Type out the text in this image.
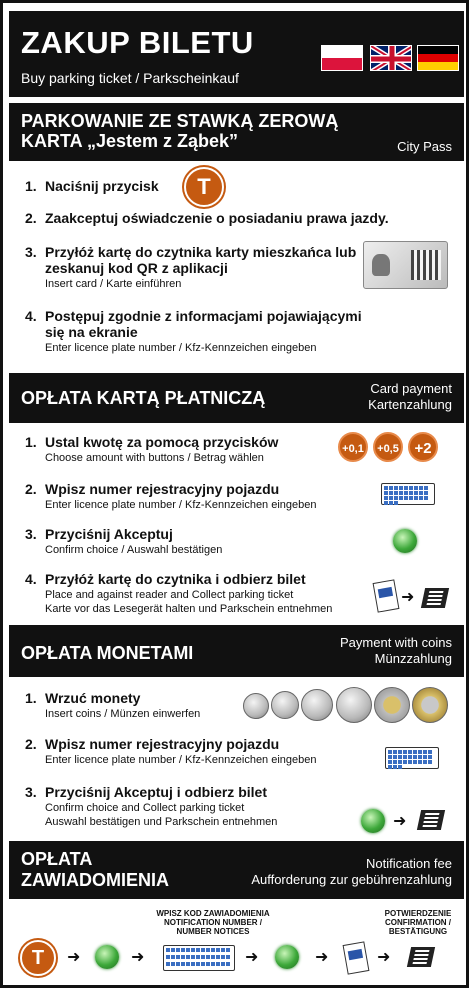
ZAKUP BILETU
Buy parking ticket / Parkscheinkauf
PARKOWANIE ZE STAWKĄ ZEROWĄ
KARTA „Jestem z Ząbek”	City Pass
1. Naciśnij przycisk	T
2. Zaakceptuj oświadczenie o posiadaniu prawa jazdy.
3. Przyłóż kartę do czytnika karty mieszkańca lub zeskanuj kod QR z aplikacji
Insert card / Karte einführen
4. Postępuj zgodnie z informacjami pojawiającymi się na ekranie
Enter licence plate number / Kfz-Kennzeichen eingeben
OPŁATA KARTĄ PŁATNICZĄ	Card payment
Kartenzahlung
1. Ustal kwotę za pomocą przycisków
Choose amount with buttons / Betrag wählen
+0,1	+0,5	+2
2. Wpisz numer rejestracyjny pojazdu
Enter licence plate number / Kfz-Kennzeichen eingeben
3. Przyciśnij Akceptuj
Confirm choice / Auswahl bestätigen
4. Przyłóż kartę do czytnika i odbierz bilet
Place and against reader and Collect parking ticket
Karte vor das Lesegerät halten und Parkschein entnehmen
➜
OPŁATA MONETAMI
Payment with coins
Münzzahlung
1. Wrzuć monety
Insert coins / Münzen einwerfen
2. Wpisz numer rejestracyjny pojazdu
Enter licence plate number / Kfz-Kennzeichen eingeben
3. Przyciśnij Akceptuj i odbierz bilet
Confirm choice and Collect parking ticket
Auswahl bestätigen und Parkschein entnehmen	➜
OPŁATA
ZAWIADOMIENIA
Notification fee
Aufforderung zur gebührenzahlung
WPISZ KOD ZAWIADOMIENIA
NOTIFICATION NUMBER /
NUMBER NOTICES
POTWIERDZENIE
CONFIRMATION /
BESTÄTIGUNG
T	➜	➜	➜	➜	➜
